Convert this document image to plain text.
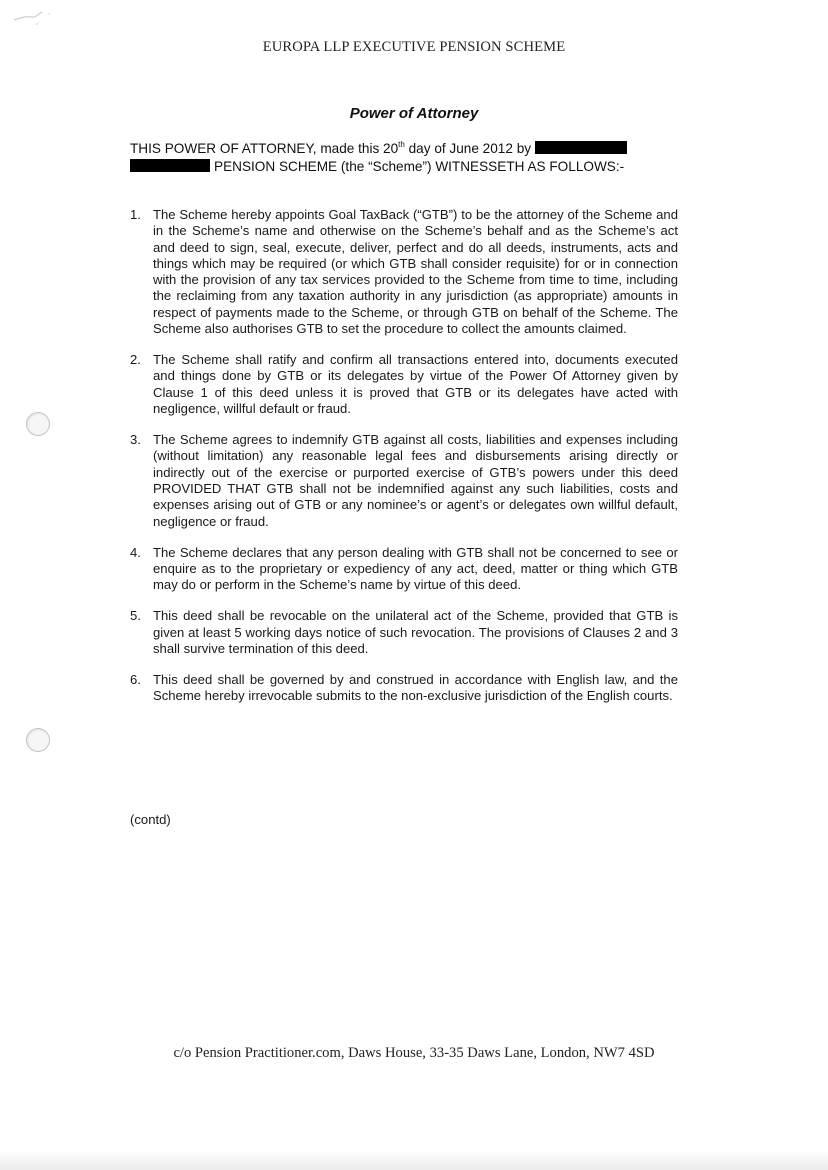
EUROPA LLP EXECUTIVE PENSION SCHEME
Power of Attorney
THIS POWER OF ATTORNEY, made this 20th day of June 2012 by
PENSION SCHEME (the “Scheme”) WITNESSETH AS FOLLOWS:-
1. The Scheme hereby appoints Goal TaxBack (“GTB”) to be the attorney of the Scheme and in the Scheme’s name and otherwise on the Scheme’s behalf and as the Scheme’s act and deed to sign, seal, execute, deliver, perfect and do all deeds, instruments, acts and things which may be required (or which GTB shall consider requisite) for or in connection with the provision of any tax services provided to the Scheme from time to time, including the reclaiming from any taxation authority in any jurisdiction (as appropriate) amounts in respect of payments made to the Scheme, or through GTB on behalf of the Scheme. The Scheme also authorises GTB to set the procedure to collect the amounts claimed.
2. The Scheme shall ratify and confirm all transactions entered into, documents executed and things done by GTB or its delegates by virtue of the Power Of Attorney given by Clause 1 of this deed unless it is proved that GTB or its delegates have acted with negligence, willful default or fraud.
3. The Scheme agrees to indemnify GTB against all costs, liabilities and expenses including (without limitation) any reasonable legal fees and disbursements arising directly or indirectly out of the exercise or purported exercise of GTB’s powers under this deed PROVIDED THAT GTB shall not be indemnified against any such liabilities, costs and expenses arising out of GTB or any nominee’s or agent’s or delegates own willful default, negligence or fraud.
4. The Scheme declares that any person dealing with GTB shall not be concerned to see or enquire as to the proprietary or expediency of any act, deed, matter or thing which GTB may do or perform in the Scheme’s name by virtue of this deed.
5. This deed shall be revocable on the unilateral act of the Scheme, provided that GTB is given at least 5 working days notice of such revocation. The provisions of Clauses 2 and 3 shall survive termination of this deed.
6. This deed shall be governed by and construed in accordance with English law, and the Scheme hereby irrevocable submits to the non-exclusive jurisdiction of the English courts.
(contd)
c/o Pension Practitioner.com, Daws House, 33-35 Daws Lane, London, NW7 4SD
